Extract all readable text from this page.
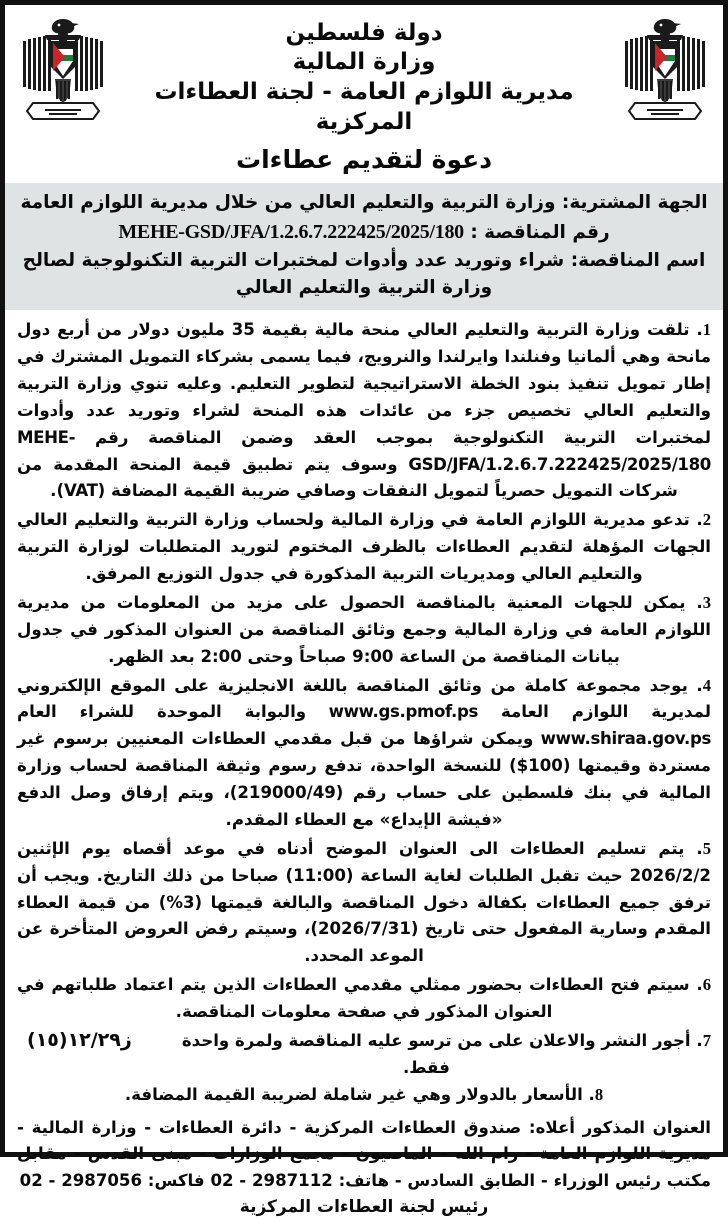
دولة فلسطين
وزارة المالية
مديرية اللوازم العامة - لجنة العطاءات المركزية
دعوة لتقديم عطاءات
الجهة المشترية: وزارة التربية والتعليم العالي من خلال مديرية اللوازم العامة
رقم المناقصة : MEHE-GSD/JFA/1.2.6.7.222425/2025/180
اسم المناقصة: شراء وتوريد عدد وأدوات لمختبرات التربية التكنولوجية لصالح وزارة التربية والتعليم العالي

1. تلقت وزارة التربية والتعليم العالي منحة مالية بقيمة 35 مليون دولار من أربع دول مانحة وهي ألمانيا وفنلندا وايرلندا والنرويج، فيما يسمى بشركاء التمويل المشترك في إطار تمويل تنفيذ بنود الخطة الاستراتيجية لتطوير التعليم. وعليه تنوي وزارة التربية والتعليم العالي تخصيص جزء من عائدات هذه المنحة لشراء وتوريد عدد وأدوات لمختبرات التربية التكنولوجية بموجب العقد وضمن المناقصة رقم MEHE-GSD/JFA/1.2.6.7.222425/2025/180 وسوف يتم تطبيق قيمة المنحة المقدمة من شركات التمويل حصرياً لتمويل النفقات وصافي ضريبة القيمة المضافة (VAT).

2. تدعو مديرية اللوازم العامة في وزارة المالية ولحساب وزارة التربية والتعليم العالي الجهات المؤهلة لتقديم العطاءات بالظرف المختوم لتوريد المتطلبات لوزارة التربية والتعليم العالي ومديريات التربية المذكورة في جدول التوزيع المرفق.

3. يمكن للجهات المعنية بالمناقصة الحصول على مزيد من المعلومات من مديرية اللوازم العامة في وزارة المالية وجمع وثائق المناقصة من العنوان المذكور في جدول بيانات المناقصة من الساعة 9:00 صباحاً وحتى 2:00 بعد الظهر.

4. يوجد مجموعة كاملة من وثائق المناقصة باللغة الانجليزية على الموقع الإلكتروني لمديرية اللوازم العامة www.gs.pmof.ps والبوابة الموحدة للشراء العام www.shiraa.gov.ps ويمكن شراؤها من قبل مقدمي العطاءات المعنيين برسوم غير مستردة وقيمتها (100$) للنسخة الواحدة، تدفع رسوم وثيقة المناقصة لحساب وزارة المالية في بنك فلسطين على حساب رقم (219000/49)، ويتم إرفاق وصل الدفع «فيشة الإيداع» مع العطاء المقدم.

5. يتم تسليم العطاءات الى العنوان الموضح أدناه في موعد أقصاه يوم الإثنين 2026/2/2 حيث تقبل الطلبات لغاية الساعة (11:00) صباحا من ذلك التاريخ. ويجب أن ترفق جميع العطاءات بكفالة دخول المناقصة والبالغة قيمتها (3%) من قيمة العطاء المقدم وسارية المفعول حتى تاريخ (2026/7/31)، وسيتم رفض العروض المتأخرة عن الموعد المحدد.

6. سيتم فتح العطاءات بحضور ممثلي مقدمي العطاءات الذين يتم اعتماد طلباتهم في العنوان المذكور في صفحة معلومات المناقصة.

7. أجور النشر والاعلان على من ترسو عليه المناقصة ولمرة واحدة فقط.

ز١٢/٢٩(١٥)

8. الأسعار بالدولار وهي غير شاملة لضريبة القيمة المضافة.

العنوان المذكور أعلاه: صندوق العطاءات المركزية - دائرة العطاءات - وزارة المالية - مديرية اللوازم العامة - رام الله – الماصيون - مجمع الوزارات - مبنى القدس - مقابل مكتب رئيس الوزراء - الطابق السادس - هاتف: 2987112 - 02 فاكس: 2987056 - 02

رئيس لجنة العطاءات المركزية
